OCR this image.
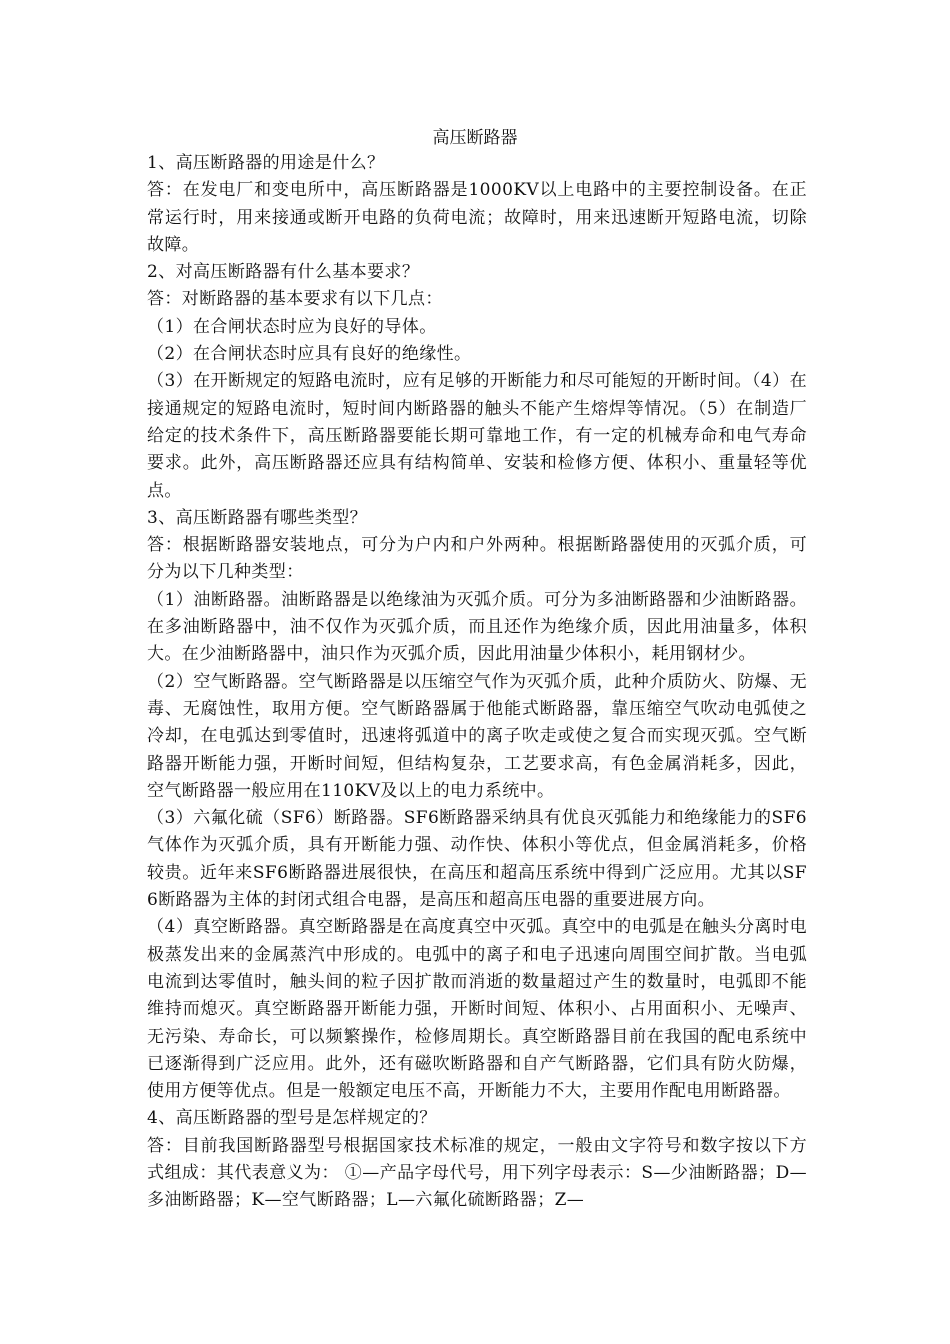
高压断路器

1、高压断路器的用途是什么？

答：在发电厂和变电所中，高压断路器是1000KV以上电路中的主要控制设备。在正常运行时，用来接通或断开电路的负荷电流；故障时，用来迅速断开短路电流，切除故障。

2、对高压断路器有什么基本要求？

答：对断路器的基本要求有以下几点：

（1）在合闸状态时应为良好的导体。

（2）在合闸状态时应具有良好的绝缘性。

（3）在开断规定的短路电流时，应有足够的开断能力和尽可能短的开断时间。（4）在接通规定的短路电流时，短时间内断路器的触头不能产生熔焊等情况。（5）在制造厂给定的技术条件下，高压断路器要能长期可靠地工作，有一定的机械寿命和电气寿命要求。此外，高压断路器还应具有结构简单、安装和检修方便、体积小、重量轻等优点。

3、高压断路器有哪些类型？

答：根据断路器安装地点，可分为户内和户外两种。根据断路器使用的灭弧介质，可分为以下几种类型：

（1）油断路器。油断路器是以绝缘油为灭弧介质。可分为多油断路器和少油断路器。在多油断路器中，油不仅作为灭弧介质，而且还作为绝缘介质，因此用油量多，体积大。在少油断路器中，油只作为灭弧介质，因此用油量少体积小，耗用钢材少。

（2）空气断路器。空气断路器是以压缩空气作为灭弧介质，此种介质防火、防爆、无毒、无腐蚀性，取用方便。空气断路器属于他能式断路器，靠压缩空气吹动电弧使之冷却，在电弧达到零值时，迅速将弧道中的离子吹走或使之复合而实现灭弧。空气断路器开断能力强，开断时间短，但结构复杂，工艺要求高，有色金属消耗多，因此，空气断路器一般应用在110KV及以上的电力系统中。

（3）六氟化硫（SF6）断路器。SF6断路器采纳具有优良灭弧能力和绝缘能力的SF6气体作为灭弧介质，具有开断能力强、动作快、体积小等优点，但金属消耗多，价格较贵。近年来SF6断路器进展很快，在高压和超高压系统中得到广泛应用。尤其以SF6断路器为主体的封闭式组合电器，是高压和超高压电器的重要进展方向。

（4）真空断路器。真空断路器是在高度真空中灭弧。真空中的电弧是在触头分离时电极蒸发出来的金属蒸汽中形成的。电弧中的离子和电子迅速向周围空间扩散。当电弧电流到达零值时，触头间的粒子因扩散而消逝的数量超过产生的数量时，电弧即不能维持而熄灭。真空断路器开断能力强，开断时间短、体积小、占用面积小、无噪声、无污染、寿命长，可以频繁操作，检修周期长。真空断路器目前在我国的配电系统中已逐渐得到广泛应用。此外，还有磁吹断路器和自产气断路器，它们具有防火防爆，使用方便等优点。但是一般额定电压不高，开断能力不大，主要用作配电用断路器。

4、高压断路器的型号是怎样规定的？

答：目前我国断路器型号根据国家技术标准的规定，一般由文字符号和数字按以下方式组成：其代表意义为： ①—产品字母代号，用下列字母表示：S—少油断路器；D—多油断路器；K—空气断路器；L—六氟化硫断路器；Z—
